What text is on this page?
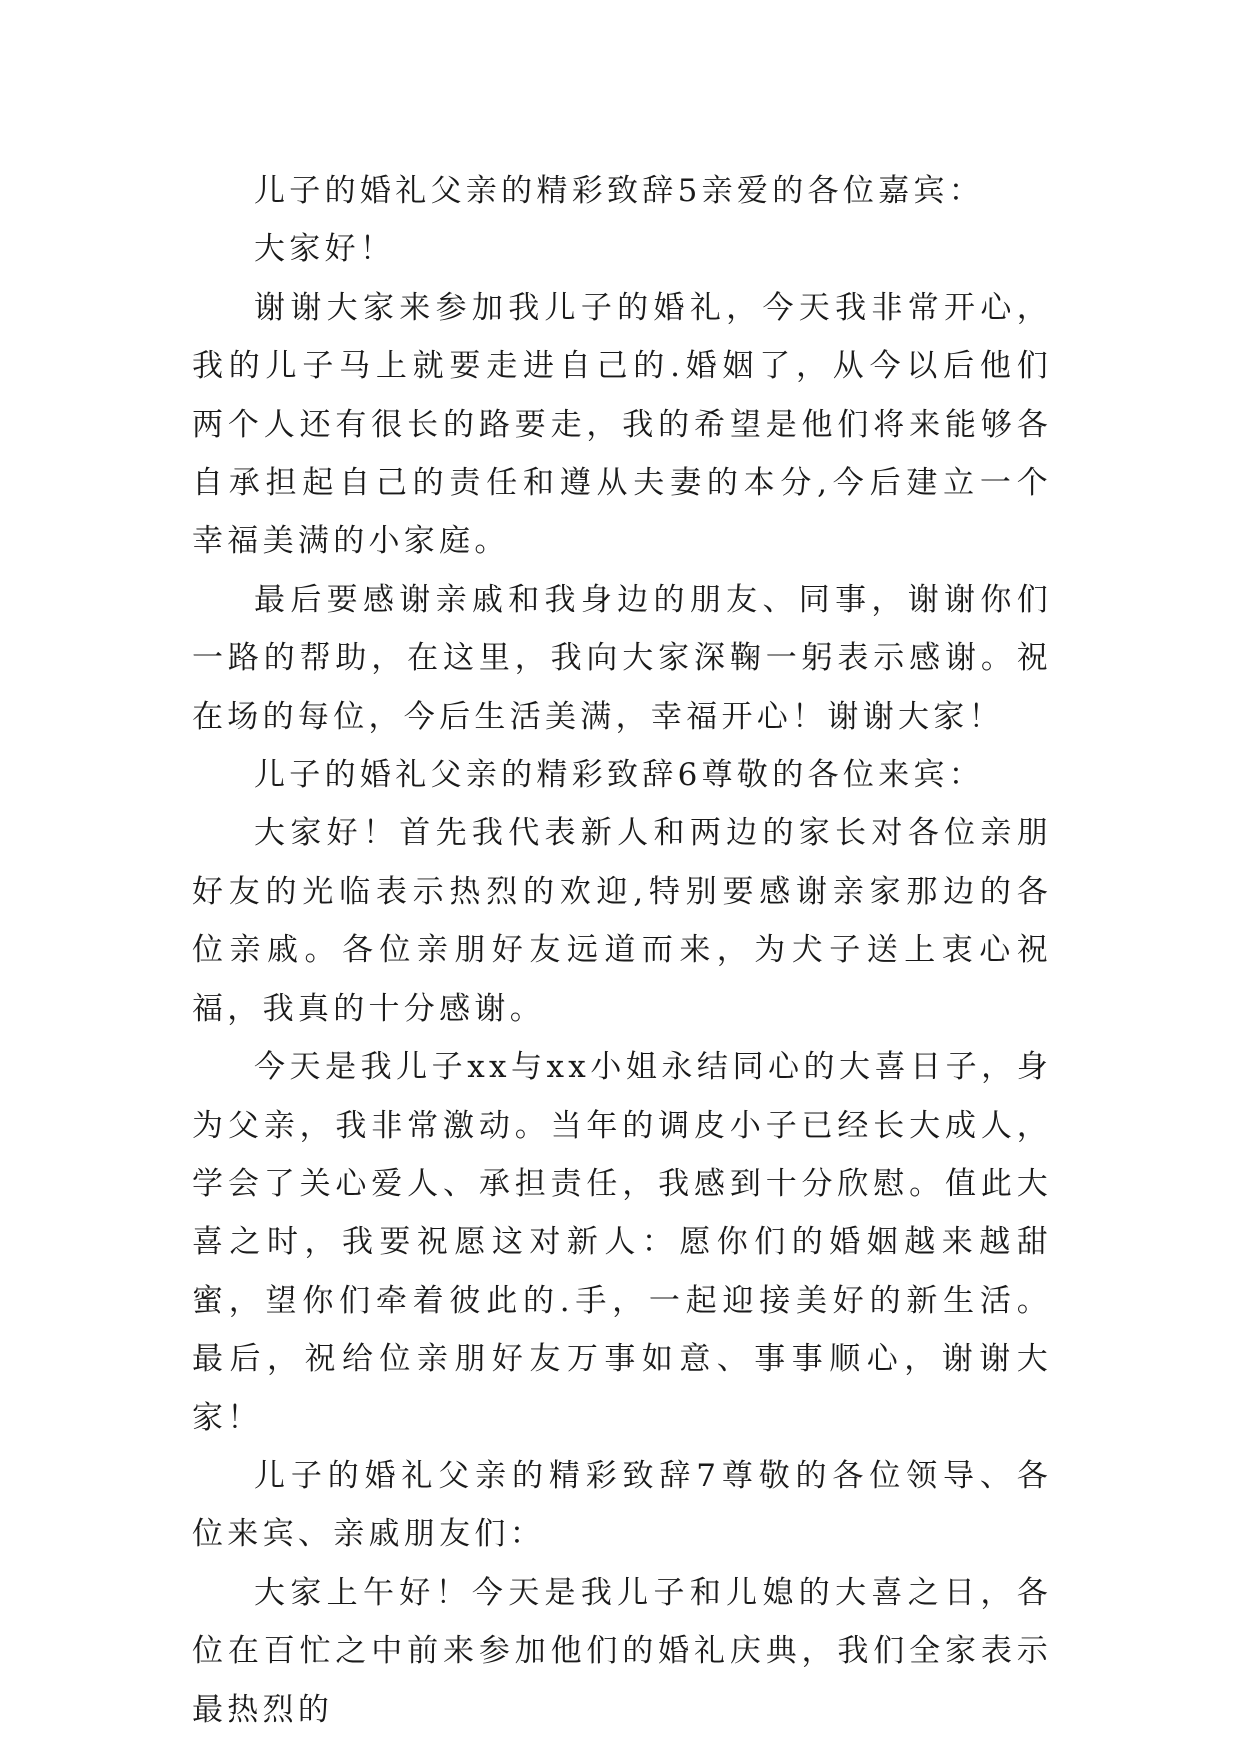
儿子的婚礼父亲的精彩致辞5亲爱的各位嘉宾：

大家好！

谢谢大家来参加我儿子的婚礼，今天我非常开心，我的儿子马上就要走进自己的.婚姻了，从今以后他们两个人还有很长的路要走，我的希望是他们将来能够各自承担起自己的责任和遵从夫妻的本分,今后建立一个幸福美满的小家庭。

最后要感谢亲戚和我身边的朋友、同事，谢谢你们一路的帮助，在这里，我向大家深鞠一躬表示感谢。祝在场的每位，今后生活美满，幸福开心！谢谢大家！

儿子的婚礼父亲的精彩致辞6尊敬的各位来宾：

大家好！首先我代表新人和两边的家长对各位亲朋好友的光临表示热烈的欢迎,特别要感谢亲家那边的各位亲戚。各位亲朋好友远道而来，为犬子送上衷心祝福，我真的十分感谢。

今天是我儿子xx与xx小姐永结同心的大喜日子，身为父亲，我非常激动。当年的调皮小子已经长大成人，学会了关心爱人、承担责任，我感到十分欣慰。值此大喜之时，我要祝愿这对新人：愿你们的婚姻越来越甜蜜，望你们牵着彼此的.手，一起迎接美好的新生活。最后，祝给位亲朋好友万事如意、事事顺心，谢谢大家！

儿子的婚礼父亲的精彩致辞7尊敬的各位领导、各位来宾、亲戚朋友们：

大家上午好！今天是我儿子和儿媳的大喜之日，各位在百忙之中前来参加他们的婚礼庆典，我们全家表示最热烈的
